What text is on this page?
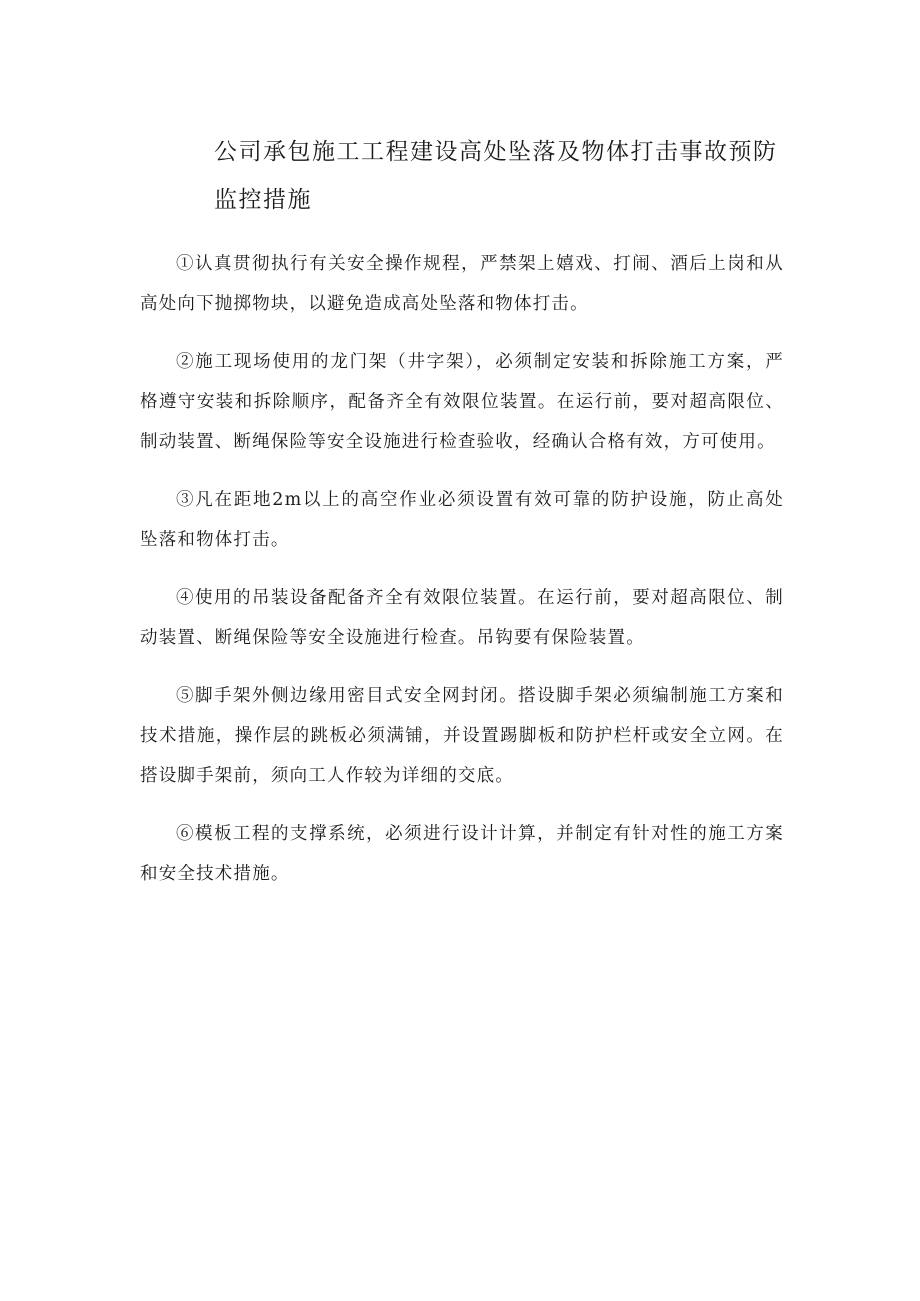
公司承包施工工程建设高处坠落及物体打击事故预防监控措施

①认真贯彻执行有关安全操作规程，严禁架上嬉戏、打闹、酒后上岗和从高处向下抛掷物块，以避免造成高处坠落和物体打击。

②施工现场使用的龙门架（井字架），必须制定安装和拆除施工方案，严格遵守安装和拆除顺序，配备齐全有效限位装置。在运行前，要对超高限位、制动装置、断绳保险等安全设施进行检查验收，经确认合格有效，方可使用。

③凡在距地2m以上的高空作业必须设置有效可靠的防护设施，防止高处坠落和物体打击。

④使用的吊装设备配备齐全有效限位装置。在运行前，要对超高限位、制动装置、断绳保险等安全设施进行检查。吊钩要有保险装置。

⑤脚手架外侧边缘用密目式安全网封闭。搭设脚手架必须编制施工方案和技术措施，操作层的跳板必须满铺，并设置踢脚板和防护栏杆或安全立网。在搭设脚手架前，须向工人作较为详细的交底。

⑥模板工程的支撑系统，必须进行设计计算，并制定有针对性的施工方案和安全技术措施。
